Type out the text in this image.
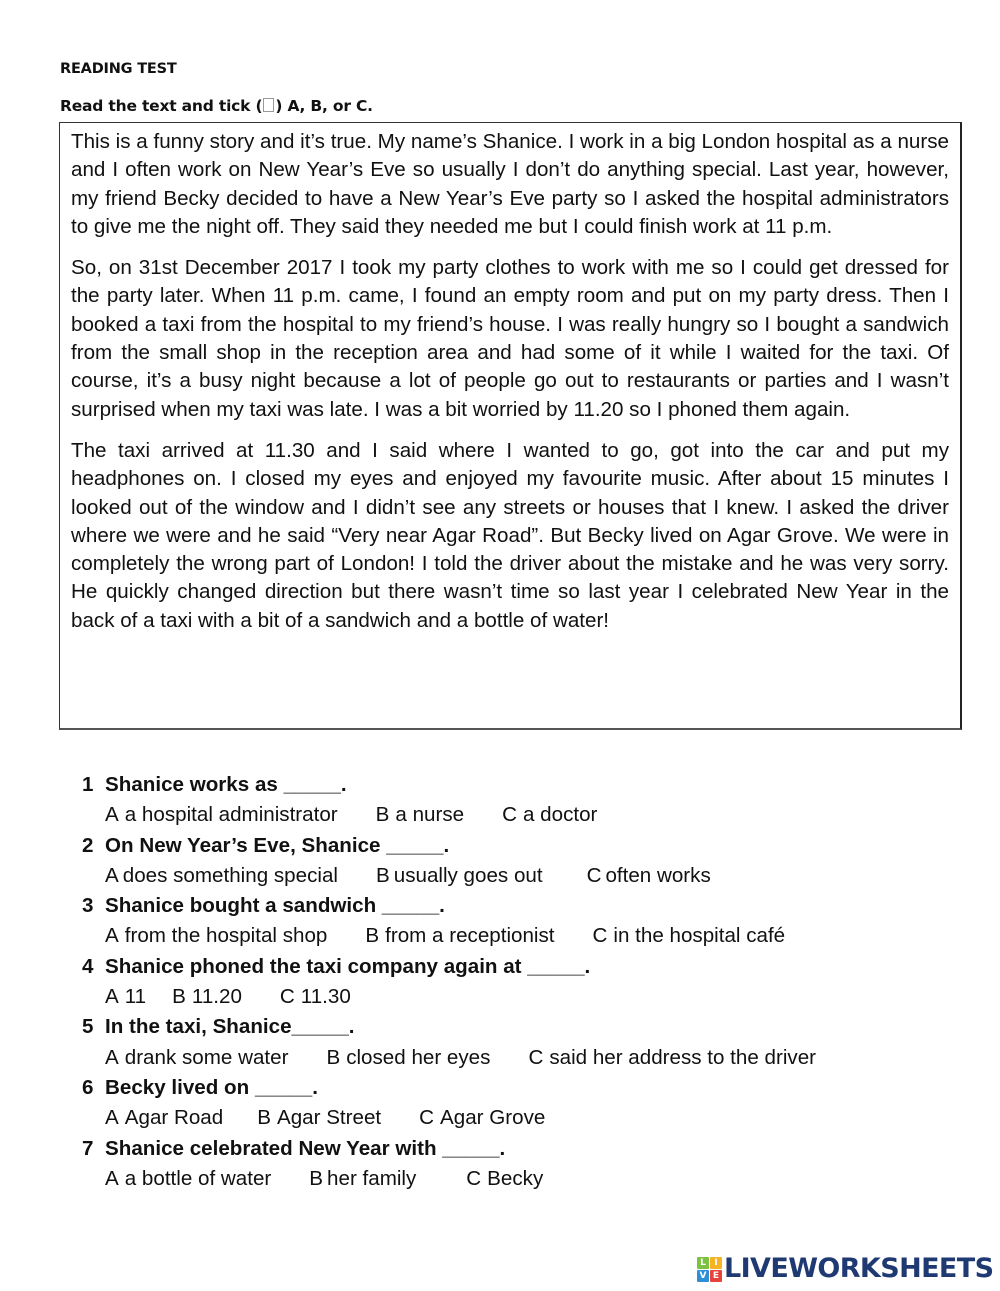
READING TEST
Read the text and tick ( ) A, B, or C.

This is a funny story and it’s true. My name’s Shanice. I work in a big London hospital as a nurse and I often work on New Year’s Eve so usually I don’t do anything special. Last year, however, my friend Becky decided to have a New Year’s Eve party so I asked the hospital administrators to give me the night off. They said they needed me but I could finish work at 11 p.m.

So, on 31st December 2017 I took my party clothes to work with me so I could get dressed for the party later. When 11 p.m. came, I found an empty room and put on my party dress. Then I booked a taxi from the hospital to my friend’s house. I was really hungry so I bought a sandwich from the small shop in the reception area and had some of it while I waited for the taxi. Of course, it’s a busy night because a lot of people go out to restaurants or parties and I wasn’t surprised when my taxi was late. I was a bit worried by 11.20 so I phoned them again.

The taxi arrived at 11.30 and I said where I wanted to go, got into the car and put my headphones on. I closed my eyes and enjoyed my favourite music. After about 15 minutes I looked out of the window and I didn’t see any streets or houses that I knew. I asked the driver where we were and he said “Very near Agar Road”. But Becky lived on Agar Grove. We were in completely the wrong part of London! I told the driver about the mistake and he was very sorry. He quickly changed direction but there wasn’t time so last year I celebrated New Year in the back of a taxi with a bit of a sandwich and a bottle of water!

1 Shanice works as _____.
A a hospital administrator B a nurse C a doctor
2 On New Year’s Eve, Shanice _____.
A does something special B usually goes out C often works
3 Shanice bought a sandwich _____.
A from the hospital shop B from a receptionist C in the hospital café
4 Shanice phoned the taxi company again at _____.
A 11 B 11.20 C 11.30
5 In the taxi, Shanice_____.
A drank some water B closed her eyes C said her address to the driver
6 Becky lived on _____.
A Agar Road B Agar Street C Agar Grove
7 Shanice celebrated New Year with _____.
A a bottle of water B her family C Becky
L I
V E LIVEWORKSHEETS
